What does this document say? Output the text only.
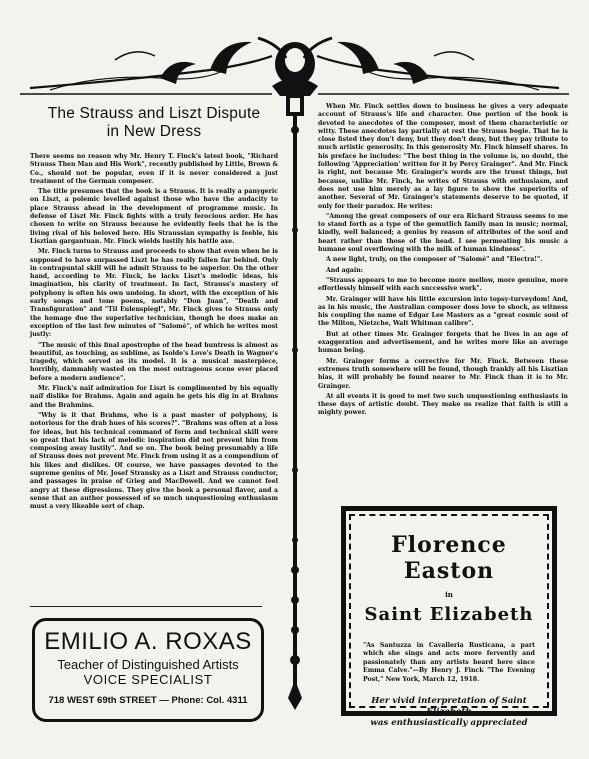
The Strauss and Liszt Dispute
in New Dress

There seems no reason why Mr. Henry T. Finck's latest book, "Richard Strauss Then Man and His Work", recently published by Little, Brown & Co., should not be popular, even if it is never considered a just treatment of the German composer.

The title presumes that the book is a Strauss. It is really a panygeric on Liszt, a polemic levelled against those who have the audacity to place Strauss ahead in the development of programme music. In defense of Liszt Mr. Finck fights with a truly ferocious ardor. He has chosen to write on Strauss because he evidently feels that he is the living rival of his beloved hero. His Straussian sympathy is feeble, his Lisztian gargantuan. Mr. Finck wields lustily his battle axe.

Mr. Finck turns to Strauss and proceeds to show that even when he is supposed to have surpassed Liszt he has really fallen far behind. Only in contrapuntal skill will he admit Strauss to be superior. On the other hand, according to Mr. Finck, he lacks Liszt's melodic ideas, his imagination, his clarity of treatment. In fact, Strauss's mastery of polyphony is often his own undoing. In short, with the exception of his early songs and tone poems, notably "Don Juan", "Death and Transfiguration" and "Til Eulenspiegl", Mr. Finck gives to Strauss only the homage due the superlative technician, though he does make an exception of the last few minutes of "Salomè", of which he writes most justly:

"The music of this final apostrophe of the head huntress is almost as beautiful, as touching, as sublime, as Isolde's Love's Death in Wagner's tragedy, which served as its model. It is a musical masterpiece, horribly, dammably wasted on the most outrageous scene ever placed before a modern audience".

Mr. Finck's naïf admiration for Liszt is complimented by his equally naïf dislike for Brahms. Again and again he gets his dig in at Brahms and the Brahmins.

"Why is it that Brahms, who is a past master of polyphony, is notorious for the drab hues of his scores?". "Brahms was often at a loss for ideas, but his technical command of form and technical skill were so great that his lack of melodic inspiration did not prevent him from composing away lustily". And so on. The book being presumably a life of Strauss does not prevent Mr. Finck from using it as a compendium of his likes and dislikes. Of course, we have passages devoted to the supreme genius of Mr. Josef Stransky as a Liszt and Strauss conductor, and passages in praise of Grieg and MacDowell. And we cannot feel angry at these digressions. They give the book a personal flavor, and a sense that an author possessed of so much unquestioning enthusiasm must a very likeable sort of chap.

When Mr. Finck settles down to business he gives a very adequate account of Strauss's life and character. One portion of the book is devoted to anecdotes of the composer, most of them characteristic or witty. These anecdotes lay partially at rest the Strauss bogie. That he is close fisted they don't deny, but they don't deny, but they pay tribute to much artistic generosity. In this generosity Mr. Finck himself shares. In his preface he includes: "The best thing in the volume is, no doubt, the following 'Appreciation' written for it by Percy Grainger". And Mr. Finck is right, not because Mr. Grainger's words are the truest things, but because, unlike Mr. Finck, he writes of Strauss with enthusiasm, and does not use him merely as a lay figure to show the superiorits of another. Several of Mr. Grainger's statements deserve to be quoted, if only for their paradox. He writes:

"Among the great composers of our era Richard Strauss seems to me to stand forth as a type of the gemutlich family man in music; normal, kindly, well balanced; a genius by reason of attributes of the soul and heart rather than those of the head. I see permeating his music a humane soul overflowing with the milk of human kindness".

A new light, truly, on the composer of "Salomè" and "Electra!".

And again:

"Strauss appears to me to become more mellow, more genuine, more effortlessly himself with each successive work".

Mr. Grainger will have his little excursion into topsy-turveydom! And, as in his music, the Australian composer does love to shock, as witness his coupling the name of Edgar Lee Masters as a "great cosmic soul of the Milton, Nietzche, Walt Whitman calibre".

But at other times Mr. Grainger forgets that he lives in an age of exaggeration and advertisement, and he writes more like an average human being.

Mr. Grainger forms a corrective for Mr. Finck. Between these extremes truth somewhere will be found, though frankly all his Lisztian bias, it will probably be found nearer to Mr. Finck than it is to Mr. Grainger.

At all events it is good to met two such unquestioning enthusiasts in these days of artistic doubt. They make us realize that faith is still a mighty power.

EMILIO A. ROXAS
Teacher of Distinguished Artists
VOICE SPECIALIST
718 WEST 69th STREET — Phone: Col. 4311
Florence Easton
in
Saint Elizabeth
"As Santuzza in Cavalleria Rusticana, a part which she sings and acts more fervently and passionately than any artists heard here since Emma Calve."—By Henry J. Finck "The Evening Post," New York, March 12, 1918.
Her vivid interpretation of Saint Elizabeth
was enthusiastically appreciated
